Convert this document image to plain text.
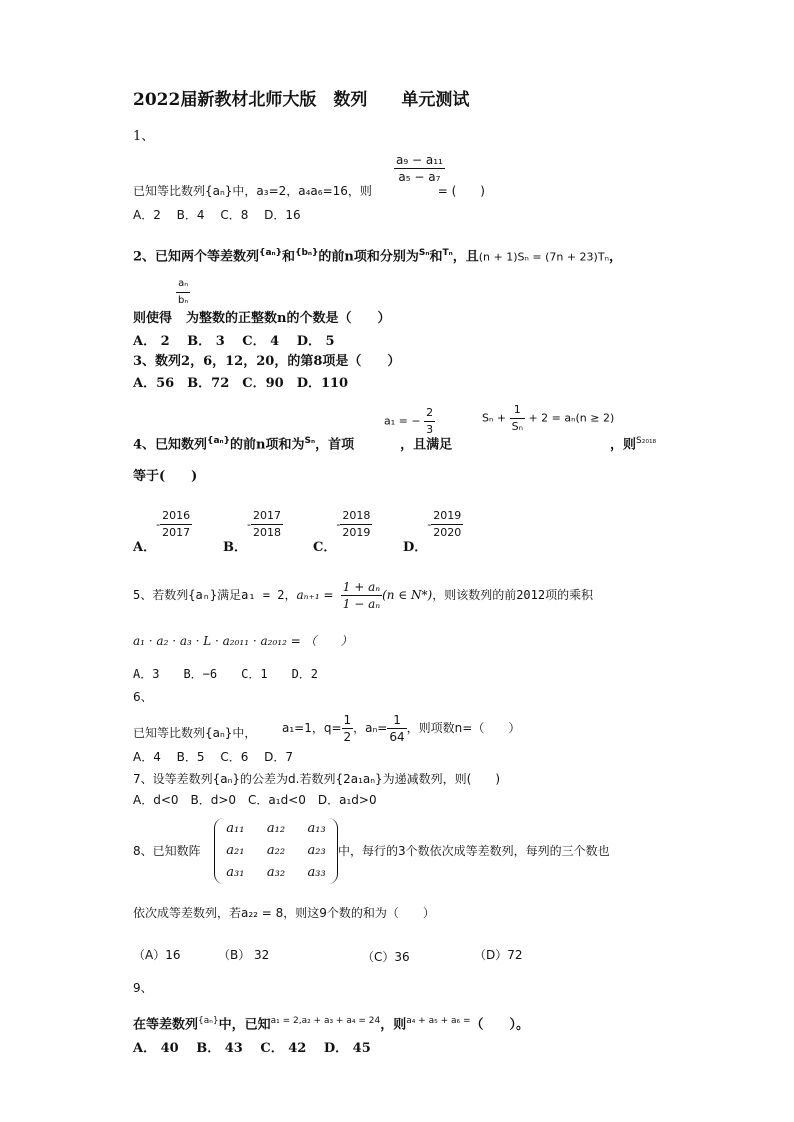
2022届新教材北师大版　数列　　单元测试
1、
$\frac{\text{a₉ − a₁₁}}{\text{a₅ − a₇}}$
已知等比数列{aₙ}中，a₃=2，a₄a₆=16，则	= (　　)
A．2　 B．4　 C．8　 D．16
2、已知两个等差数列$^{\{a_n\}}$和$^{\{b_n\}}$的前n项和分别为$^{S_n}$和$^{T_n}$，且(n + 1)Sₙ = (7n + 23)Tₙ，
$\frac{\text{aₙ}}{\text{bₙ}}$
则使得 为整数的正整数n的个数是（　　）
A． 2　 B． 3　 C． 4　 D． 5
3、数列2，6，12，20，的第8项是（　　）
A．56　B．72　C．90　D．110
4、巳知数列$^{\{a_n\}}$的前n项和为$^{S_n}$，首项	，且满足
a₁ = − $\frac{2}{3}$	$S_n + \frac{1}{\text{Sₙ}} + 2 = a_n(n \ge 2)$
，则$^{S_{2018}}$
等于(　　)
A．- $\frac{2016}{2017}$
B．- $\frac{2017}{2018}$
C．- $\frac{2018}{2019}$
D．- $\frac{2019}{2020}$
5、若数列{aₙ}满足a₁ = 2，$a_{n+1} = \frac{\text{1 + aₙ}}{\text{1 − aₙ}} (n$ ∈ N*)，则该数列的前2012项的乘积
a₁ · a₂ · a₃ · L · a₂₀₁₁ · a₂₀₁₂ = （　　）
A．3　　B．−6　　C．1　　D．2
6、
已知等比数列{aₙ}中， a₁=1，$q= \frac{1}{2}$ ，$a_n= \frac{1}{64}$ ，则项数n=（　　）
A．4　 B．5　 C．6　 D．7
7、设等差数列{aₙ}的公差为d.若数列{2a₁aₙ}为递减数列，则(　　)
A．d<0　B．d>0　C．a₁d<0　D．a₁d>0
8、已知数阵
a₁₁ a₁₂ a₁₃
a₂₁ a₂₂ a₂₃
a₃₁ a₃₂ a₃₃
中，每行的3个数依次成等差数列，每列的三个数也
依次成等差数列，若a₂₂ = 8，则这9个数的和为（　　）
（A）16	（B） 32	（C）36	（D）72
9、
在等差数列$^{\{a_n\}}$中，已知$^{a_1 = 2,a_2 + a_3 + a_4 = 24}$，则$^{a_4 + a_5 + a_6 =}$（　　）。
A． 40　 B． 43　 C． 42　 D． 45
